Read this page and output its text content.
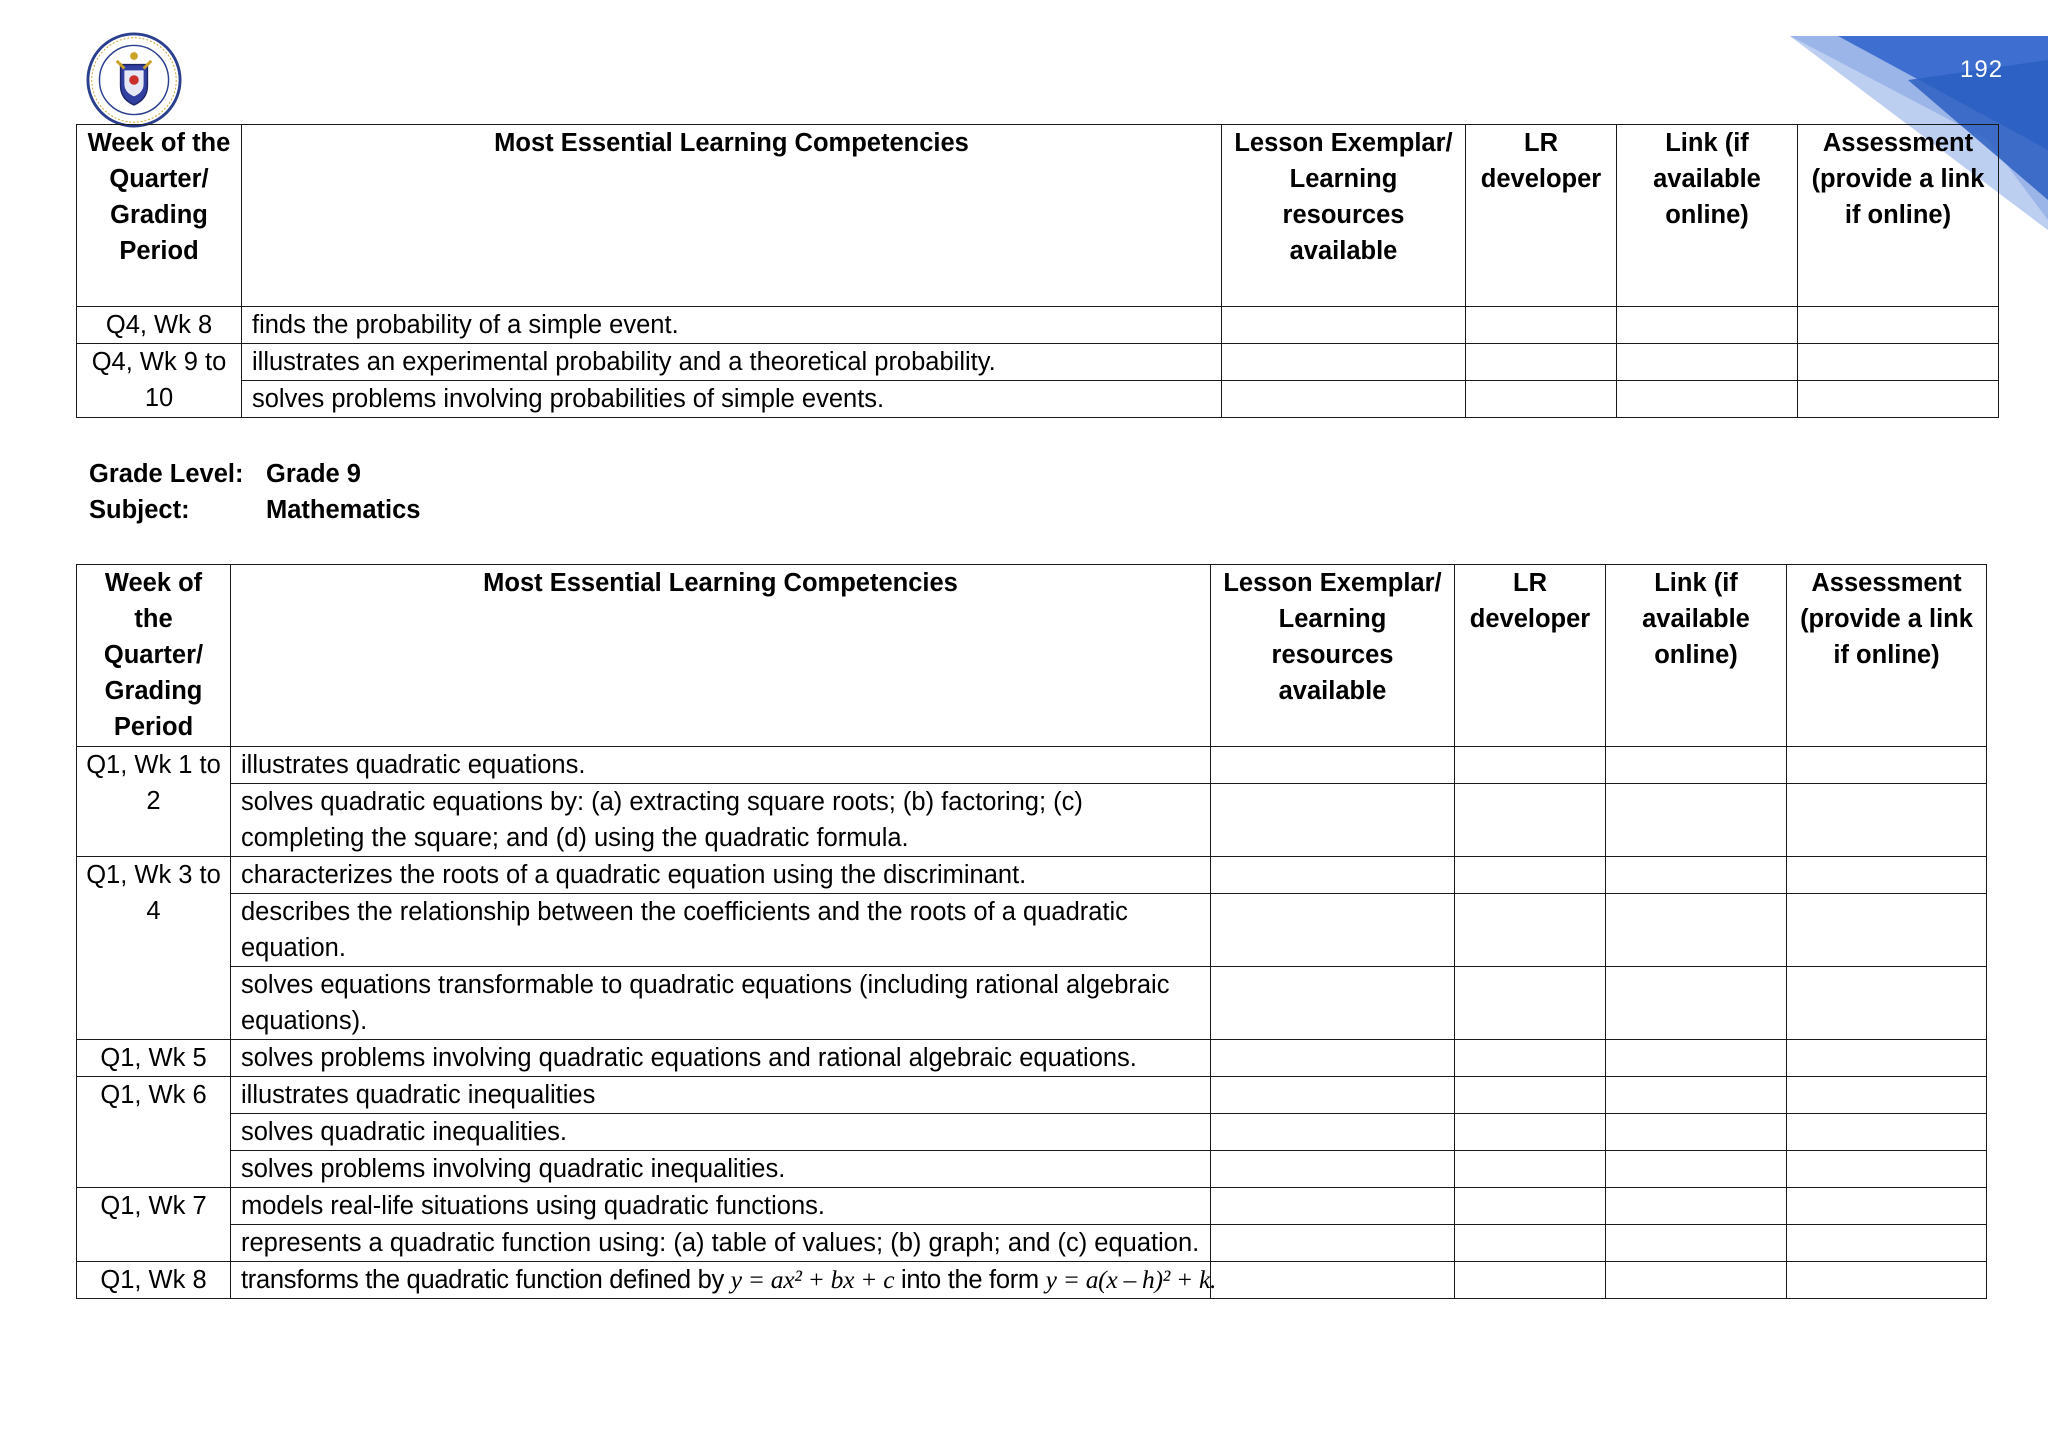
192
Week of the Quarter/ Grading Period	Most Essential Learning Competencies	Lesson Exemplar/ Learning resources available	LR developer	Link (if available online)	Assessment (provide a link if online)
Q4, Wk 8	finds the probability of a simple event.				
Q4, Wk 9 to 10	illustrates an experimental probability and a theoretical probability.				
	solves problems involving probabilities of simple events.				
Grade Level: Grade 9
Subject:	Mathematics
Week of the Quarter/ Grading Period	Most Essential Learning Competencies	Lesson Exemplar/ Learning resources available	LR developer	Link (if available online)	Assessment (provide a link if online)
Q1, Wk 1 to 2	illustrates quadratic equations.				
	solves quadratic equations by: (a) extracting square roots; (b) factoring; (c) completing the square; and (d) using the quadratic formula.				
Q1, Wk 3 to 4	characterizes the roots of a quadratic equation using the discriminant.				
	describes the relationship between the coefficients and the roots of a quadratic equation.				
	solves equations transformable to quadratic equations (including rational algebraic equations).				
Q1, Wk 5	solves problems involving quadratic equations and rational algebraic equations.				
Q1, Wk 6	illustrates quadratic inequalities				
	solves quadratic inequalities.				
	solves problems involving quadratic inequalities.				
Q1, Wk 7	models real-life situations using quadratic functions.				
	represents a quadratic function using: (a) table of values; (b) graph; and (c) equation.				
Q1, Wk 8	transforms the quadratic function defined by y = ax² + bx + c into the form y = a(x – h)² + k.				
